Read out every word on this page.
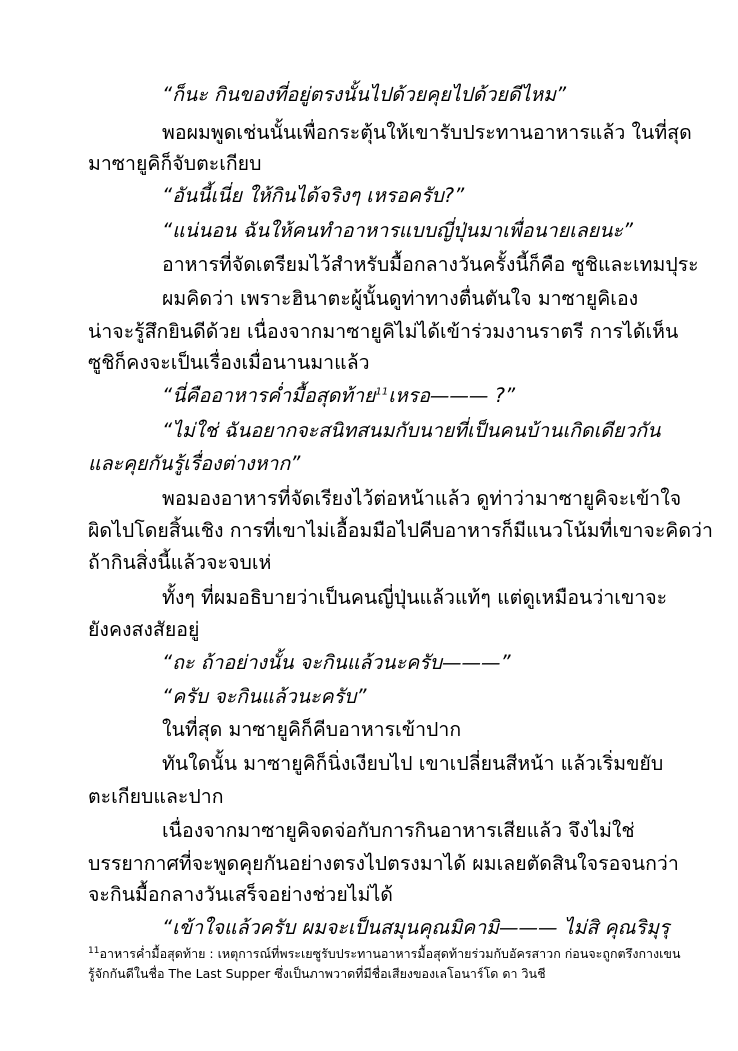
“ก็นะ กินของที่อยู่ตรงนั้นไปด้วยคุยไปด้วยดีไหม”
พอผมพูดเช่นนั้นเพื่อกระตุ้นให้เขารับประทานอาหารแล้ว ในที่สุด
มาซายูคิก็จับตะเกียบ
“อันนี้เนี่ย ให้กินได้จริงๆ เหรอครับ?”
“แน่นอน ฉันให้คนทำอาหารแบบญี่ปุ่นมาเพื่อนายเลยนะ”
อาหารที่จัดเตรียมไว้สำหรับมื้อกลางวันครั้งนี้ก็คือ ซูชิและเทมปุระ
ผมคิดว่า เพราะฮินาตะผู้นั้นดูท่าทางตื่นตันใจ มาซายูคิเอง
น่าจะรู้สึกยินดีด้วย เนื่องจากมาซายูคิไม่ได้เข้าร่วมงานราตรี การได้เห็น
ซูชิก็คงจะเป็นเรื่องเมื่อนานมาแล้ว
“นี่คืออาหารค่ำมื้อสุดท้าย$^{11}$เหรอ——— ?”
“ไม่ใช่ ฉันอยากจะสนิทสนมกับนายที่เป็นคนบ้านเกิดเดียวกัน
และคุยกันรู้เรื่องต่างหาก”
พอมองอาหารที่จัดเรียงไว้ต่อหน้าแล้ว ดูท่าว่ามาซายูคิจะเข้าใจ
ผิดไปโดยสิ้นเชิง การที่เขาไม่เอื้อมมือไปคีบอาหารก็มีแนวโน้มที่เขาจะคิดว่า
ถ้ากินสิ่งนี้แล้วจะจบเห่
ทั้งๆ ที่ผมอธิบายว่าเป็นคนญี่ปุ่นแล้วแท้ๆ แต่ดูเหมือนว่าเขาจะ
ยังคงสงสัยอยู่
“ถะ ถ้าอย่างนั้น จะกินแล้วนะครับ———”
“ครับ จะกินแล้วนะครับ”
ในที่สุด มาซายูคิก็คีบอาหารเข้าปาก
ทันใดนั้น มาซายูคิก็นิ่งเงียบไป เขาเปลี่ยนสีหน้า แล้วเริ่มขยับ
ตะเกียบและปาก
เนื่องจากมาซายูคิจดจ่อกับการกินอาหารเสียแล้ว จึงไม่ใช่
บรรยากาศที่จะพูดคุยกันอย่างตรงไปตรงมาได้ ผมเลยตัดสินใจรอจนกว่า
จะกินมื้อกลางวันเสร็จอย่างช่วยไม่ได้
“เข้าใจแล้วครับ ผมจะเป็นสมุนคุณมิคามิ——— ไม่สิ คุณริมุรุ
$^{11}$อาหารค่ำมื้อสุดท้าย : เหตุการณ์ที่พระเยซูรับประทานอาหารมื้อสุดท้ายร่วมกับอัครสาวก ก่อนจะถูกตรึงกางเขน
รู้จักกันดีในชื่อ The Last Supper ซึ่งเป็นภาพวาดที่มีชื่อเสียงของเลโอนาร์โด ดา วินชี
